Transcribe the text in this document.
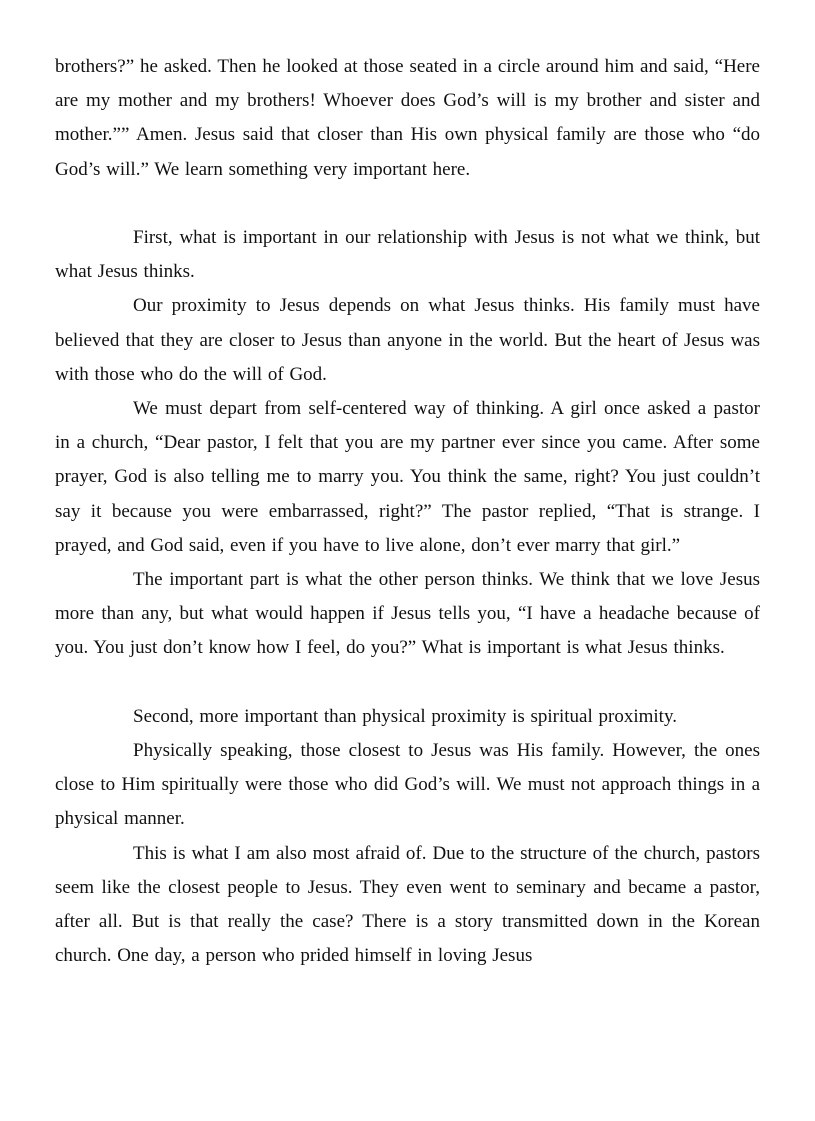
brothers?” he asked. Then he looked at those seated in a circle around him and said, “Here are my mother and my brothers! Whoever does God’s will is my brother and sister and mother.”” Amen. Jesus said that closer than His own physical family are those who “do God’s will.” We learn something very important here.

First, what is important in our relationship with Jesus is not what we think, but what Jesus thinks.

Our proximity to Jesus depends on what Jesus thinks. His family must have believed that they are closer to Jesus than anyone in the world. But the heart of Jesus was with those who do the will of God.

We must depart from self-centered way of thinking. A girl once asked a pastor in a church, “Dear pastor, I felt that you are my partner ever since you came. After some prayer, God is also telling me to marry you. You think the same, right? You just couldn’t say it because you were embarrassed, right?” The pastor replied, “That is strange. I prayed, and God said, even if you have to live alone, don’t ever marry that girl.”

The important part is what the other person thinks. We think that we love Jesus more than any, but what would happen if Jesus tells you, “I have a headache because of you. You just don’t know how I feel, do you?” What is important is what Jesus thinks.

Second, more important than physical proximity is spiritual proximity.

Physically speaking, those closest to Jesus was His family. However, the ones close to Him spiritually were those who did God’s will. We must not approach things in a physical manner.

This is what I am also most afraid of. Due to the structure of the church, pastors seem like the closest people to Jesus. They even went to seminary and became a pastor, after all. But is that really the case? There is a story transmitted down in the Korean church. One day, a person who prided himself in loving Jesus
